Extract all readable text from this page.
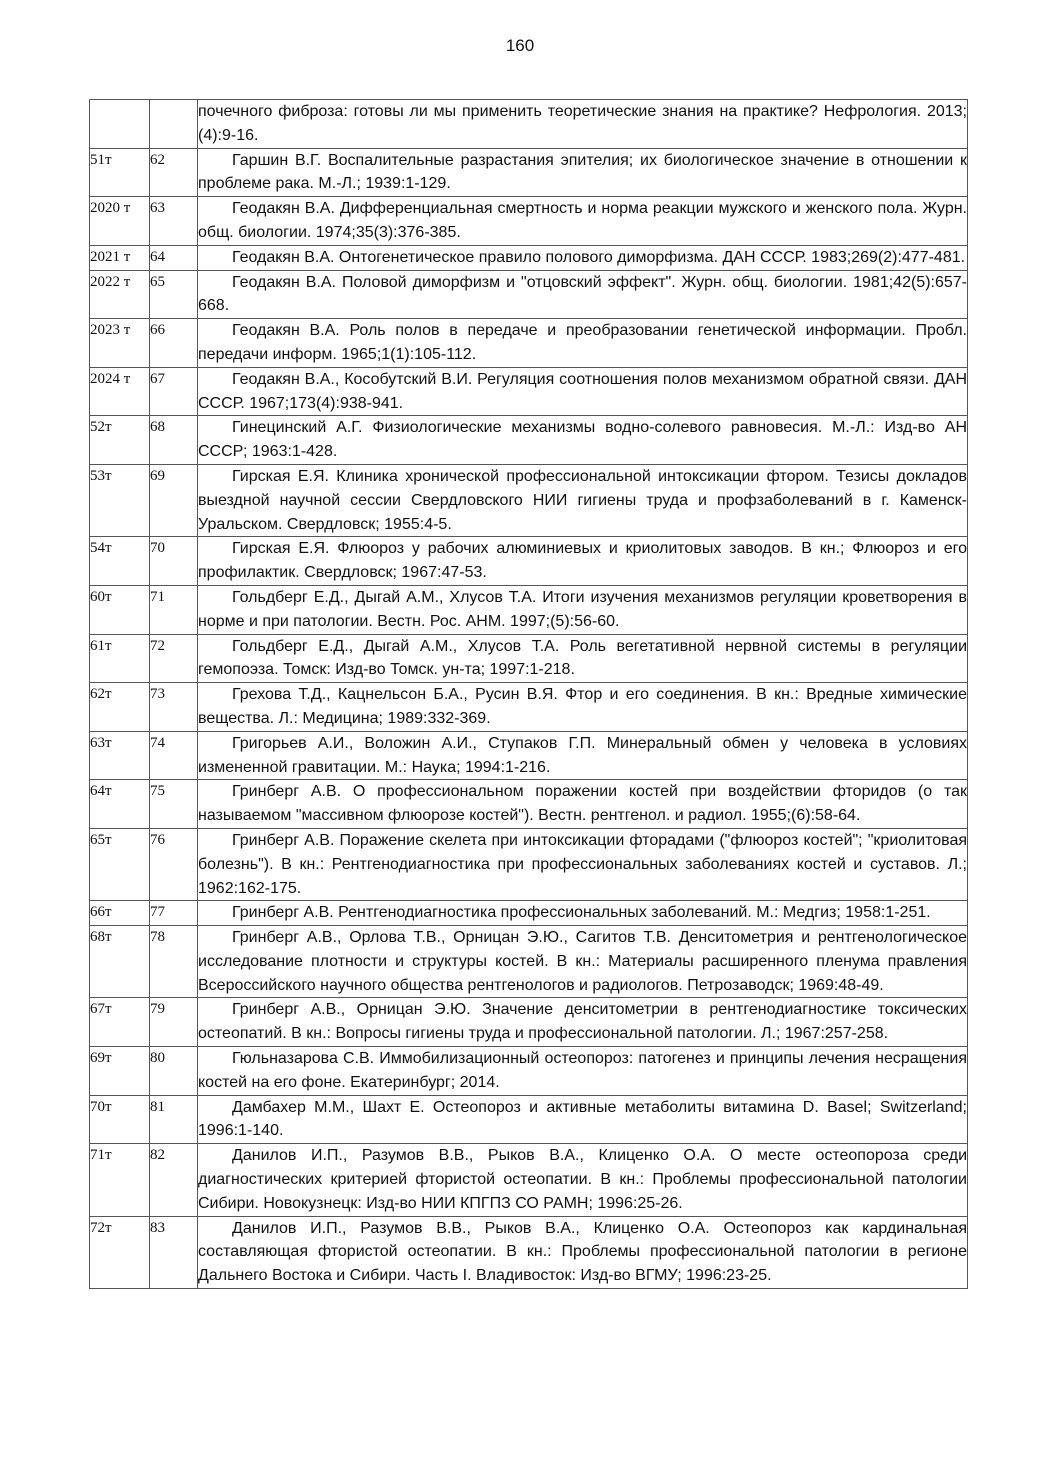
160
		почечного фиброза: готовы ли мы применить теоретические знания на практике? Нефрология. 2013;(4):9-16.
51т	62	Гаршин В.Г. Воспалительные разрастания эпителия; их биологическое значение в отношении к проблеме рака. М.-Л.; 1939:1-129.
2020 т	63	Геодакян В.А. Дифференциальная смертность и норма реакции мужского и женского пола. Журн. общ. биологии. 1974;35(3):376-385.
2021 т	64	Геодакян В.А. Онтогенетическое правило полового диморфизма. ДАН СССР. 1983;269(2):477-481.
2022 т	65	Геодакян В.А. Половой диморфизм и "отцовский эффект". Журн. общ. биологии. 1981;42(5):657-668.
2023 т	66	Геодакян В.А. Роль полов в передаче и преобразовании генетической информации. Пробл. передачи информ. 1965;1(1):105-112.
2024 т	67	Геодакян В.А., Кособутский В.И. Регуляция соотношения полов механизмом обратной связи. ДАН СССР. 1967;173(4):938-941.
52т	68	Гинецинский А.Г. Физиологические механизмы водно-солевого равновесия. М.-Л.: Изд-во АН СССР; 1963:1-428.
53т	69	Гирская Е.Я. Клиника хронической профессиональной интоксикации фтором. Тезисы докладов выездной научной сессии Свердловского НИИ гигиены труда и профзаболеваний в г. Каменск-Уральском. Свердловск; 1955:4-5.
54т	70	Гирская Е.Я. Флюороз у рабочих алюминиевых и криолитовых заводов. В кн.; Флюороз и его профилактик. Свердловск; 1967:47-53.
60т	71	Гольдберг Е.Д., Дыгай А.М., Хлусов Т.А. Итоги изучения механизмов регуляции кроветворения в норме и при патологии. Вестн. Рос. АНМ. 1997;(5):56-60.
61т	72	Гольдберг Е.Д., Дыгай А.М., Хлусов Т.А. Роль вегетативной нервной системы в регуляции гемопоэза. Томск: Изд-во Томск. ун-та; 1997:1-218.
62т	73	Грехова Т.Д., Кацнельсон Б.А., Русин В.Я. Фтор и его соединения. В кн.: Вредные химические вещества. Л.: Медицина; 1989:332-369.
63т	74	Григорьев А.И., Воложин А.И., Ступаков Г.П. Минеральный обмен у человека в условиях измененной гравитации. М.: Наука; 1994:1-216.
64т	75	Гринберг А.В. О профессиональном поражении костей при воздействии фторидов (о так называемом "массивном флюорозе костей"). Вестн. рентгенол. и радиол. 1955;(6):58-64.
65т	76	Гринберг А.В. Поражение скелета при интоксикации фторадами ("флюороз костей"; "криолитовая болезнь"). В кн.: Рентгенодиагностика при профессиональных заболеваниях костей и суставов. Л.; 1962:162-175.
66т	77	Гринберг А.В. Рентгенодиагностика профессиональных заболеваний. М.: Медгиз; 1958:1-251.
68т	78	Гринберг А.В., Орлова Т.В., Орницан Э.Ю., Сагитов Т.В. Денситометрия и рентгенологическое исследование плотности и структуры костей. В кн.: Материалы расширенного пленума правления Всероссийского научного общества рентгенологов и радиологов. Петрозаводск; 1969:48-49.
67т	79	Гринберг А.В., Орницан Э.Ю. Значение денситометрии в рентгенодиагностике токсических остеопатий. В кн.: Вопросы гигиены труда и профессиональной патологии. Л.; 1967:257-258.
69т	80	Гюльназарова С.В. Иммобилизационный остеопороз: патогенез и принципы лечения несращения костей на его фоне. Екатеринбург; 2014.
70т	81	Дамбахер М.М., Шахт Е. Остеопороз и активные метаболиты витамина D. Basel; Switzerland; 1996:1-140.
71т	82	Данилов И.П., Разумов В.В., Рыков В.А., Клиценко О.А. О месте остеопороза среди диагностических критерией фтористой остеопатии. В кн.: Проблемы профессиональной патологии Сибири. Новокузнецк: Изд-во НИИ КПГПЗ СО РАМН; 1996:25-26.
72т	83	Данилов И.П., Разумов В.В., Рыков В.А., Клиценко О.А. Остеопороз как кардинальная составляющая фтористой остеопатии. В кн.: Проблемы профессиональной патологии в регионе Дальнего Востока и Сибири. Часть I. Владивосток: Изд-во ВГМУ; 1996:23-25.
